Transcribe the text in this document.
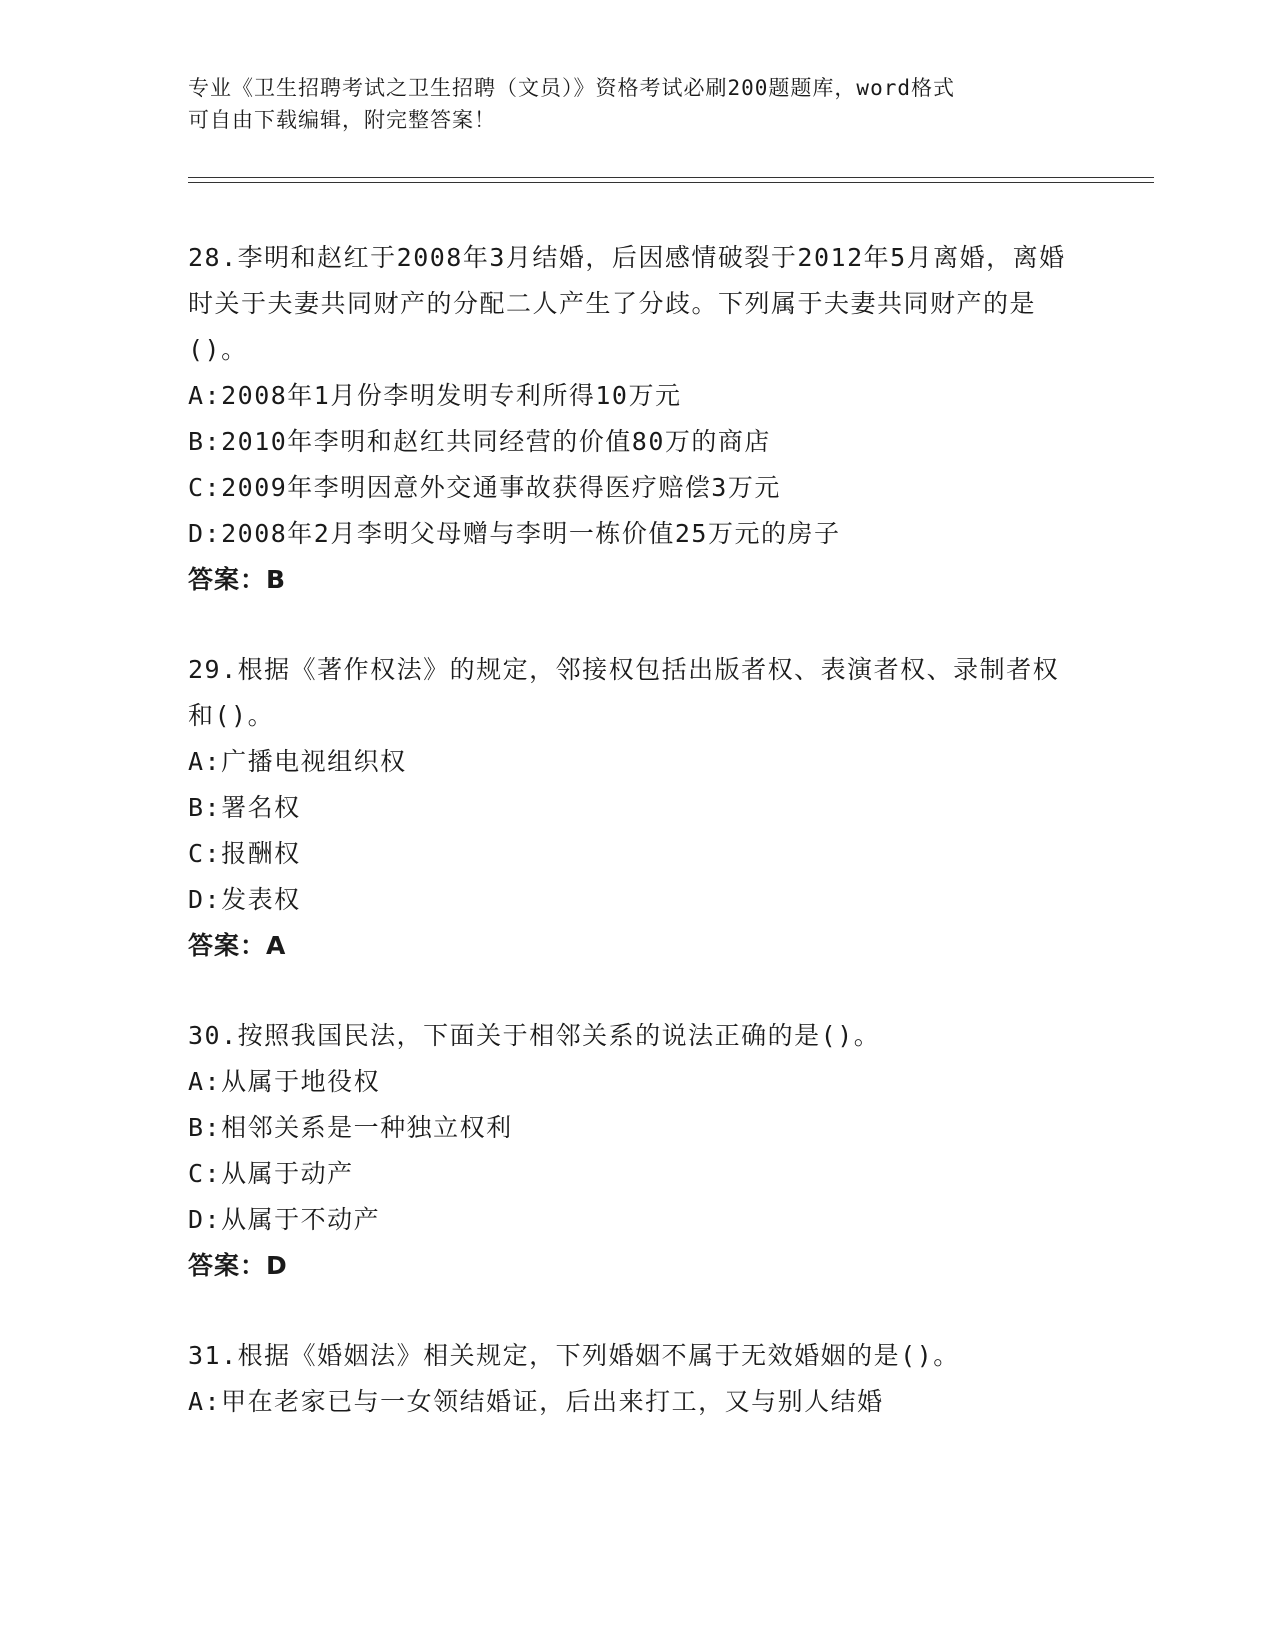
专业《卫生招聘考试之卫生招聘（文员）》资格考试必刷200题题库，word格式
可自由下载编辑，附完整答案！
28.李明和赵红于2008年3月结婚，后因感情破裂于2012年5月离婚，离婚时关于夫妻共同财产的分配二人产生了分歧。下列属于夫妻共同财产的是()。
A:2008年1月份李明发明专利所得10万元
B:2010年李明和赵红共同经营的价值80万的商店
C:2009年李明因意外交通事故获得医疗赔偿3万元
D:2008年2月李明父母赠与李明一栋价值25万元的房子
答案：B
29.根据《著作权法》的规定，邻接权包括出版者权、表演者权、录制者权和()。
A:广播电视组织权
B:署名权
C:报酬权
D:发表权
答案：A
30.按照我国民法，下面关于相邻关系的说法正确的是()。
A:从属于地役权
B:相邻关系是一种独立权利
C:从属于动产
D:从属于不动产
答案：D
31.根据《婚姻法》相关规定，下列婚姻不属于无效婚姻的是()。
A:甲在老家已与一女领结婚证，后出来打工，又与别人结婚
